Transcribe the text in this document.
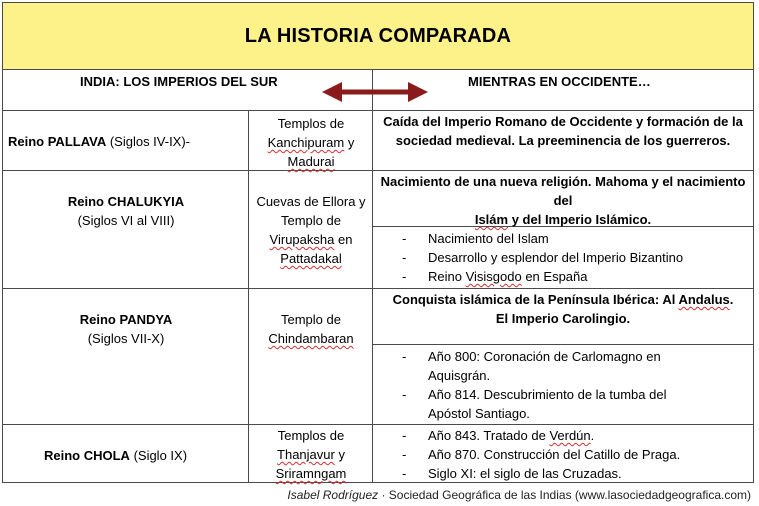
LA HISTORIA COMPARADA
INDIA: LOS IMPERIOS DEL SUR	MIENTRAS EN OCCIDENTE…
Reino PALLAVA (Siglos IV-IX)-
Templos de
Kanchipuram y
Madurai
Caída del Imperio Romano de Occidente y formación de la sociedad medieval. La preeminencia de los guerreros.
Reino CHALUKYIA
(Siglos VI al VIII)
Cuevas de Ellora y Templo de
Virupaksha en
Pattadakal
Nacimiento de una nueva religión. Mahoma y el nacimiento del
Islám y del Imperio Islámico.
- Nacimiento del Islam
- Desarrollo y esplendor del Imperio Bizantino
- Reino Visisgodo en España
Reino PANDYA
(Siglos VII-X)
Templo de
Chindambaran
Conquista islámica de la Península Ibérica: Al Andalus.
El Imperio Carolingio.
- Año 800: Coronación de Carlomagno en Aquisgrán.
- Año 814. Descubrimiento de la tumba del Apóstol Santiago.
Reino CHOLA (Siglo IX)
Templos de
Thanjavur y
Sriramngam
- Año 843. Tratado de Verdún.
- Año 870. Construcción del Catillo de Praga.
- Siglo XI: el siglo de las Cruzadas.
Isabel Rodríguez · Sociedad Geográfica de las Indias (www.lasociedadgeografica.com)
